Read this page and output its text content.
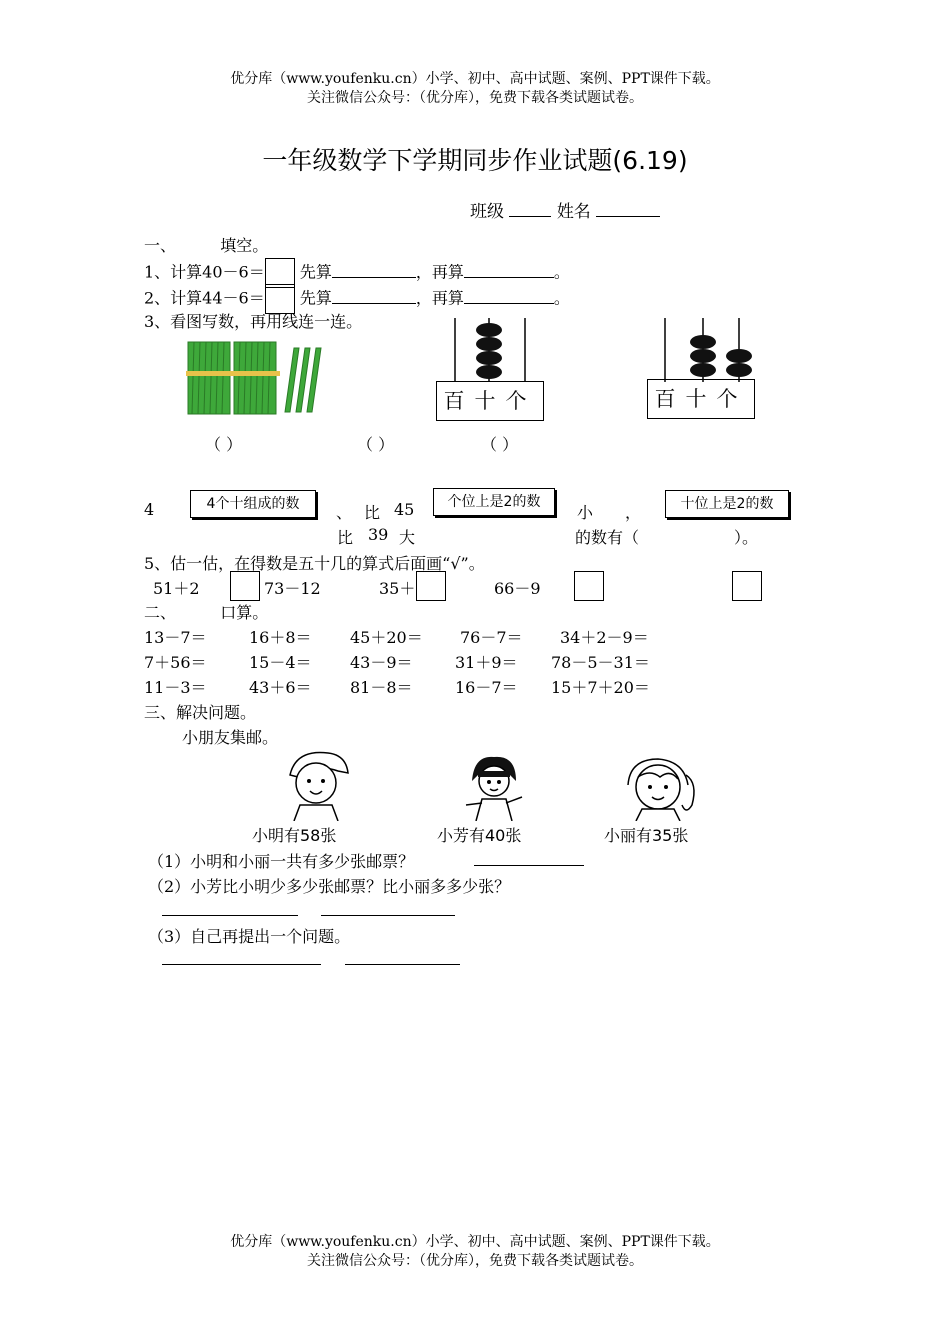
优分库（www.youfenku.cn）小学、初中、高中试题、案例、PPT课件下载。
关注微信公众号：（优分库），免费下载各类试题试卷。
一年级数学下学期同步作业试题(6.19)
班级	姓名
一、	填空。
1、计算40－6＝ 先算	，再算	。
2、计算44－6＝ 先算	，再算	。
3、看图写数，再用线连一连。
百十个	百十个
（ ）	（ ）	（ ）
4	4个十组成的数	、 比 45
比 39 大
个位上是2的数
小 ，
的数有（	）。
十位上是2的数
5、估一估，在得数是五十几的算式后面画“√”。
51＋2	73－12	35＋	66－9
二、	口算。
13－7＝	16＋8＝ 45＋20＝ 76－7＝ 34＋2－9＝
7＋56＝	15－4＝ 43－9＝	31＋9＝ 78－5－31＝
11－3＝	43＋6＝ 81－8＝	16－7＝ 15＋7＋20＝
三、解决问题。
小朋友集邮。
小明有58张	小芳有40张	小丽有35张
（1）小明和小丽一共有多少张邮票？
（2）小芳比小明少多少张邮票？比小丽多多少张？
（3）自己再提出一个问题。
优分库（www.youfenku.cn）小学、初中、高中试题、案例、PPT课件下载。
关注微信公众号：（优分库），免费下载各类试题试卷。
